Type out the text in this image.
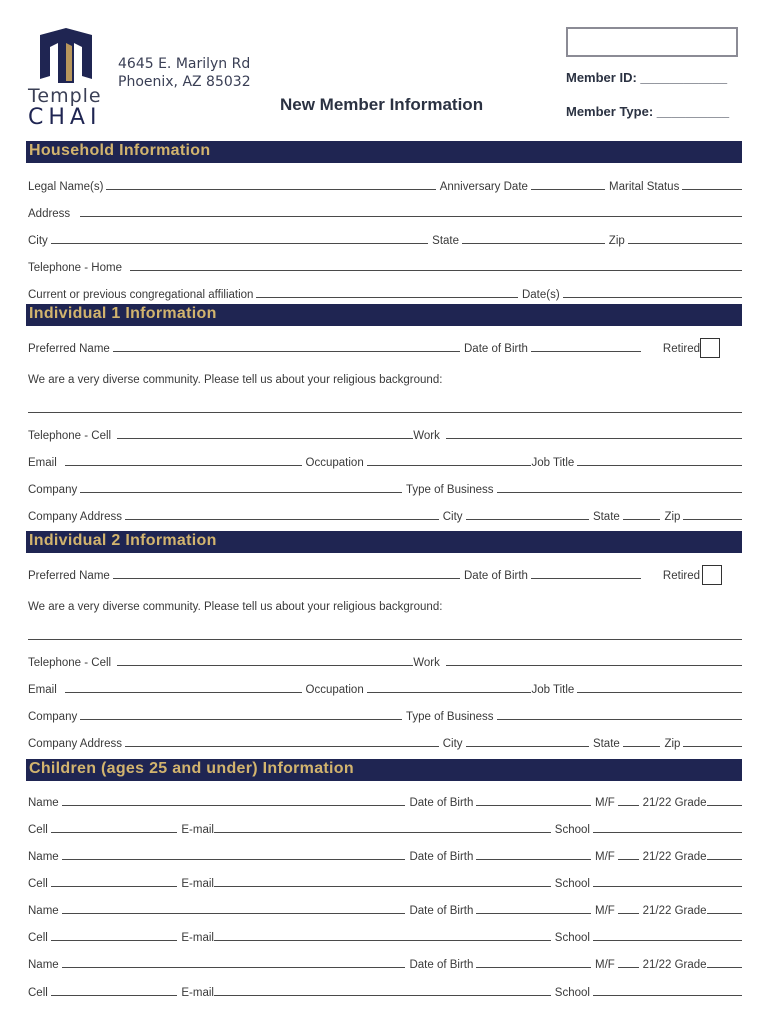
Temple
CHAI
4645 E. Marilyn Rd
Phoenix, AZ 85032
New Member Information
Member ID: ____________
Member Type: __________
Household Information
Legal Name(s)	Anniversary Date	Marital Status
Address
City	State	Zip
Telephone - Home
Current or previous congregational affiliation	Date(s)
Individual 1 Information
Preferred Name	Date of Birth	Retired
We are a very diverse community. Please tell us about your religious background:
Telephone - Cell	Work
Email	Occupation	Job Title
Company	Type of Business
Company Address	City	State	Zip
Individual 2 Information
Preferred Name	Date of Birth	Retired
We are a very diverse community. Please tell us about your religious background:
Telephone - Cell	Work
Email	Occupation	Job Title
Company	Type of Business
Company Address	City	State	Zip
Children (ages 25 and under) Information
Name	Date of Birth	M/F 21/22 Grade
Cell	E-mail	School
Name	Date of Birth	M/F 21/22 Grade
Cell	E-mail	School
Name	Date of Birth	M/F 21/22 Grade
Cell	E-mail	School
Name	Date of Birth	M/F 21/22 Grade
Cell	E-mail	School
